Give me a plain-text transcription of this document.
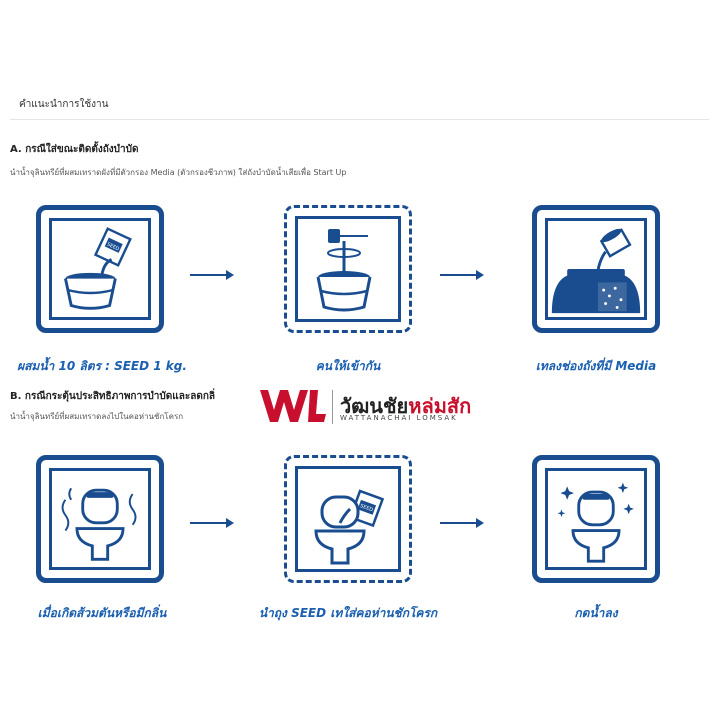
คำแนะนำการใช้งาน
A. กรณีใส่ขณะติดตั้งถังบำบัด
นำน้ำจุลินทรีย์ที่ผสมเทราดผังที่มีตัวกรอง Media (ตัวกรองชีวภาพ) ใส่ถังบำบัดน้ำเสียเพื่อ Start Up
SEED
ผสมน้ำ 10 ลิตร : SEED 1 kg.	คนให้เข้ากัน	เทลงช่องถังที่มี Media
B. กรณีกระตุ้นประสิทธิภาพการบำบัดและลดกลิ่
นำน้ำจุลินทรีย์ที่ผสมเทราดลงไปในคอห่านชักโครก	วัฒนชัยหล่มสัก
WATTANACHAI LOMSAK
SEED
เมื่อเกิดส้วมตันหรือมีกลิ่น	นำถุง SEED เทใส่คอห่านชักโครก	กดน้ำลง
